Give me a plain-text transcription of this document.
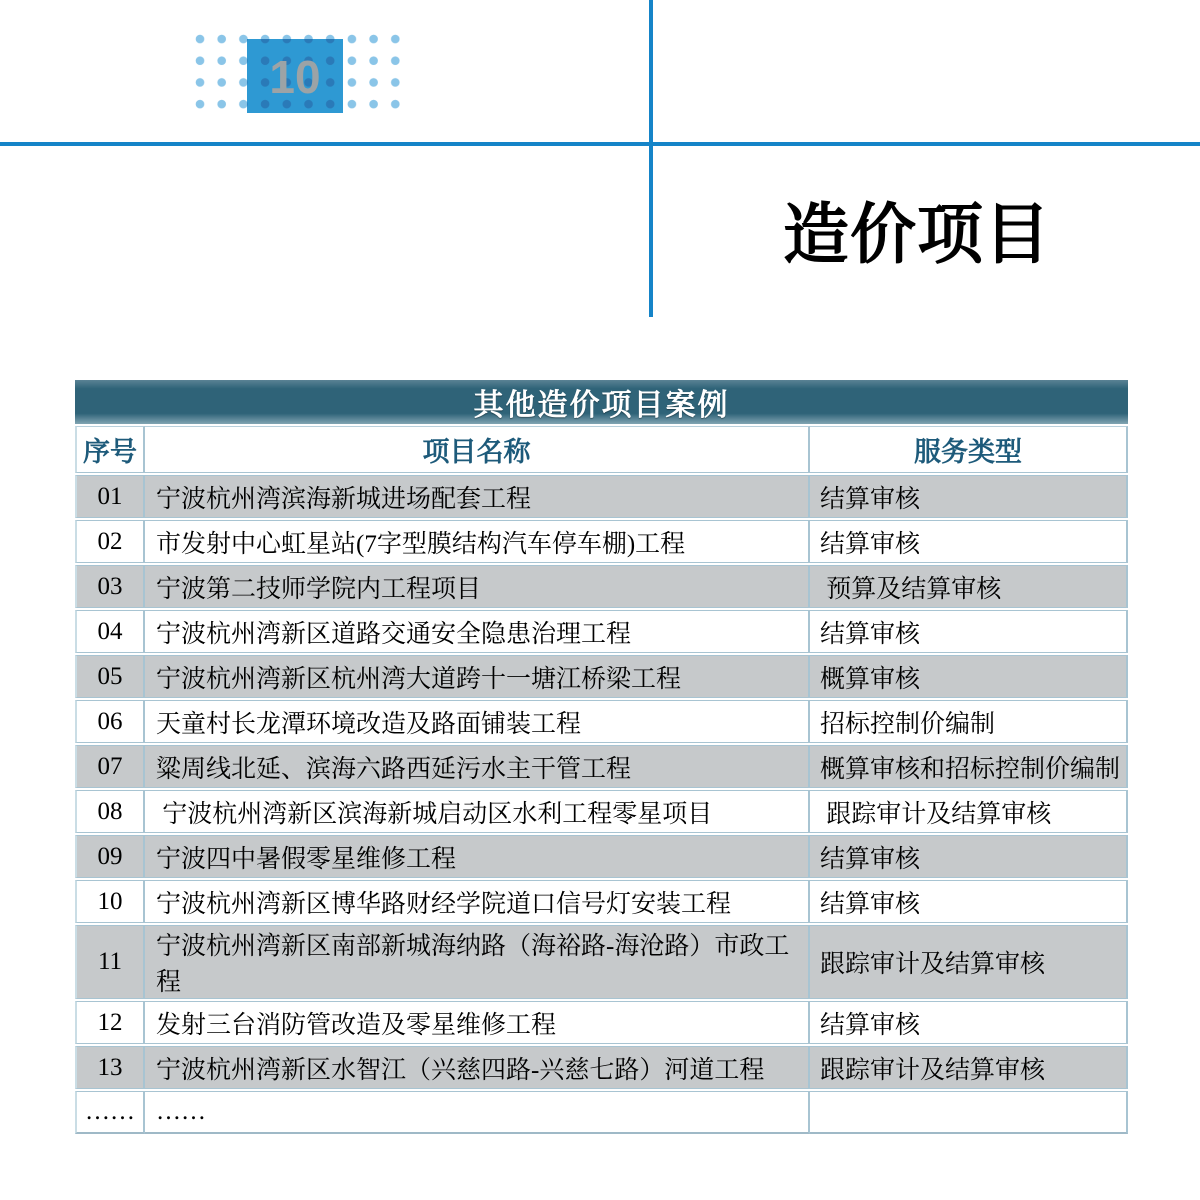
10
造价项目
其他造价项目案例		
序号	项目名称	服务类型
01	宁波杭州湾滨海新城进场配套工程	结算审核
02	市发射中心虹星站(7字型膜结构汽车停车棚)工程	结算审核
03	宁波第二技师学院内工程项目	预算及结算审核
04	宁波杭州湾新区道路交通安全隐患治理工程	结算审核
05	宁波杭州湾新区杭州湾大道跨十一塘江桥梁工程	概算审核
06	天童村长龙潭环境改造及路面铺装工程	招标控制价编制
07	粱周线北延、滨海六路西延污水主干管工程	概算审核和招标控制价编制
08	宁波杭州湾新区滨海新城启动区水利工程零星项目	跟踪审计及结算审核
09	宁波四中暑假零星维修工程	结算审核
10	宁波杭州湾新区博华路财经学院道口信号灯安装工程	结算审核
11	宁波杭州湾新区南部新城海纳路（海裕路-海沧路）市政工程	跟踪审计及结算审核
12	发射三台消防管改造及零星维修工程	结算审核
13	宁波杭州湾新区水智江（兴慈四路-兴慈七路）河道工程	跟踪审计及结算审核
……	……	
